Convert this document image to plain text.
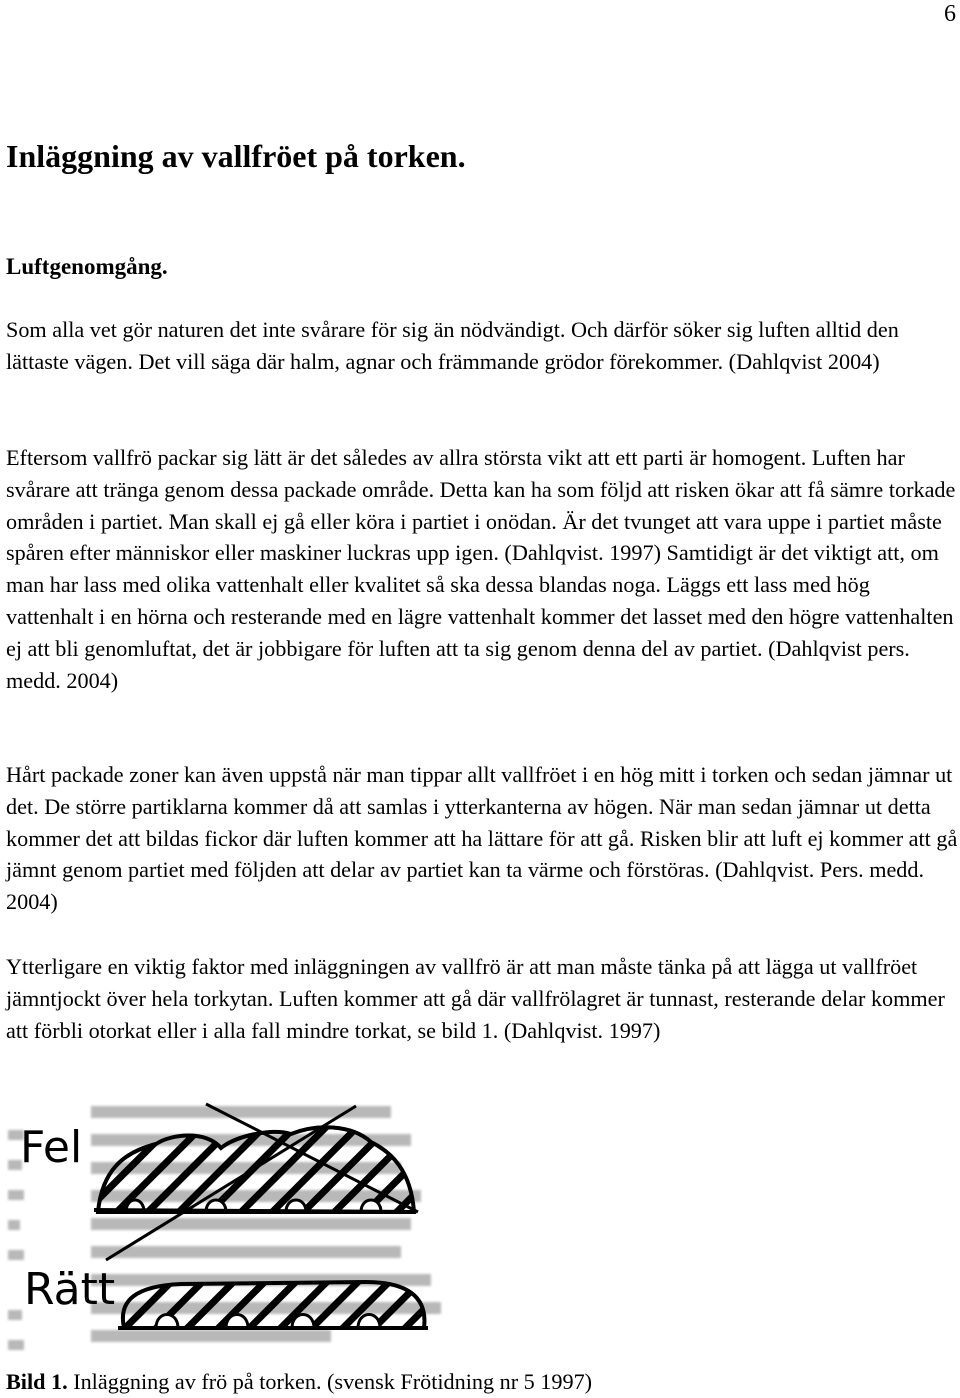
6
Inläggning av vallfröet på torken.
Luftgenomgång.

Som alla vet gör naturen det inte svårare för sig än nödvändigt. Och därför söker sig luften alltid den lättaste vägen. Det vill säga där halm, agnar och främmande grödor förekommer. (Dahlqvist 2004)

Eftersom vallfrö packar sig lätt är det således av allra största vikt att ett parti är homogent. Luften har svårare att tränga genom dessa packade område. Detta kan ha som följd att risken ökar att få sämre torkade områden i partiet. Man skall ej gå eller köra i partiet i onödan. Är det tvunget att vara uppe i partiet måste spåren efter människor eller maskiner luckras upp igen. (Dahlqvist. 1997) Samtidigt är det viktigt att, om man har lass med olika vattenhalt eller kvalitet så ska dessa blandas noga. Läggs ett lass med hög vattenhalt i en hörna och resterande med en lägre vattenhalt kommer det lasset med den högre vattenhalten ej att bli genomluftat, det är jobbigare för luften att ta sig genom denna del av partiet. (Dahlqvist pers. medd. 2004)

Hårt packade zoner kan även uppstå när man tippar allt vallfröet i en hög mitt i torken och sedan jämnar ut det. De större partiklarna kommer då att samlas i ytterkanterna av högen. När man sedan jämnar ut detta kommer det att bildas fickor där luften kommer att ha lättare för att gå. Risken blir att luft ej kommer att gå jämnt genom partiet med följden att delar av partiet kan ta värme och förstöras. (Dahlqvist. Pers. medd. 2004)

Ytterligare en viktig faktor med inläggningen av vallfrö är att man måste tänka på att lägga ut vallfröet jämntjockt över hela torkytan. Luften kommer att gå där vallfrölagret är tunnast, resterande delar kommer att förbli otorkat eller i alla fall mindre torkat, se bild 1. (Dahlqvist. 1997)

Fel
Rätt

Bild 1. Inläggning av frö på torken. (svensk Frötidning nr 5 1997)
